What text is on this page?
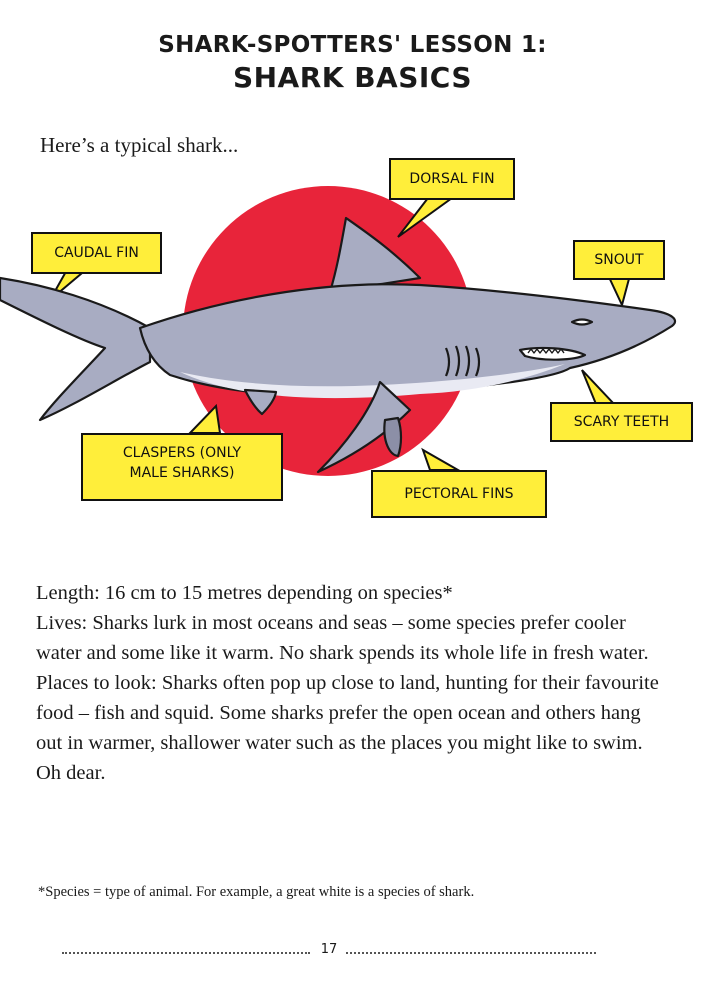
SHARK-SPOTTERS' LESSON 1:
SHARK BASICS
Here’s a typical shark...
DORSAL FIN
CAUDAL FIN	SNOUT
SCARY TEETH
CLASPERS (ONLY
MALE SHARKS)
PECTORAL FINS

Length: 16 cm to 15 metres depending on species*

Lives: Sharks lurk in most oceans and seas – some species prefer cooler water and some like it warm. No shark spends its whole life in fresh water.

Places to look: Sharks often pop up close to land, hunting for their favourite food – fish and squid. Some sharks prefer the open ocean and others hang out in warmer, shallower water such as the places you might like to swim. Oh dear.

*Species = type of animal. For example, a great white is a species of shark.
17
